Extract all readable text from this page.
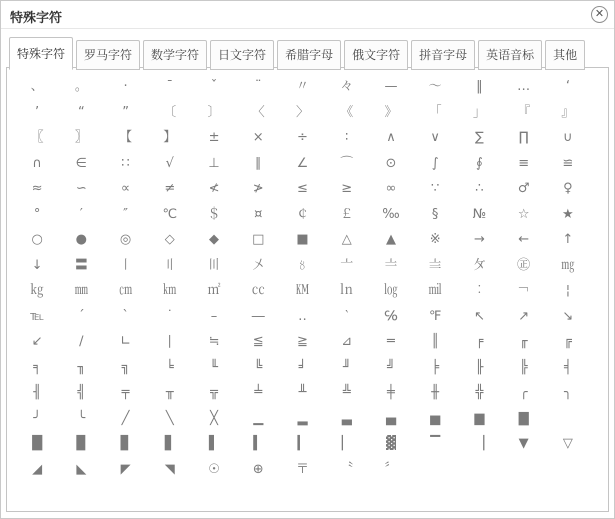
特殊字符	✕
特殊字符 罗马字符 数学字符 日文字符 希腊字母 俄文字符 拼音字母 英语音标 其他
、	。	·	ˉ	ˇ	¨	〃	々	—	～	‖	…	‘
’	“	”	〔	〕	〈	〉	《	》	「	」	『	』
〖	〗	【	】	±	×	÷	∶	∧	∨	∑	∏	∪
∩	∈	∷	√	⊥	∥	∠	⌒	⊙	∫	∮	≡	≌
≈	∽	∝	≠	≮	≯	≤	≥	∞	∵	∴	♂	♀
°	′	″	℃	＄	¤	￠	￡	‰	§	№	☆	★
○	●	◎	◇	◆	□	■	△	▲	※	→	←	↑
↓	〓	〡	〢	〣	〤	〥	〦	〧	〨	〩	㊣	㎎
㎏	㎜	㎝	㎞	㎡	㏄	㏎	㏑	㏒	㏕	︰	￢	¦
℡	ˊ	ˋ	˙	–	―	‥	‵	℅	℉	↖	↗	↘
↙	∕	∟	∣	≒	≦	≧	⊿	═	║	╒	╓	╔
╕	╖	╗	╘	╙	╚	╛	╜	╝	╞	╟	╠	╡
╢	╣	╤	╥	╦	╧	╨	╩	╪	╫	╬	╭	╮
╯	╰	╱	╲	╳	▁	▂	▃	▄	▅	▆	▇
█	▉	▊	▋	▌	▍	▎	▏	▓	▔	▕	▼	▽
◢	◣	◤	◥	☉	⊕	〒	〝	〞
